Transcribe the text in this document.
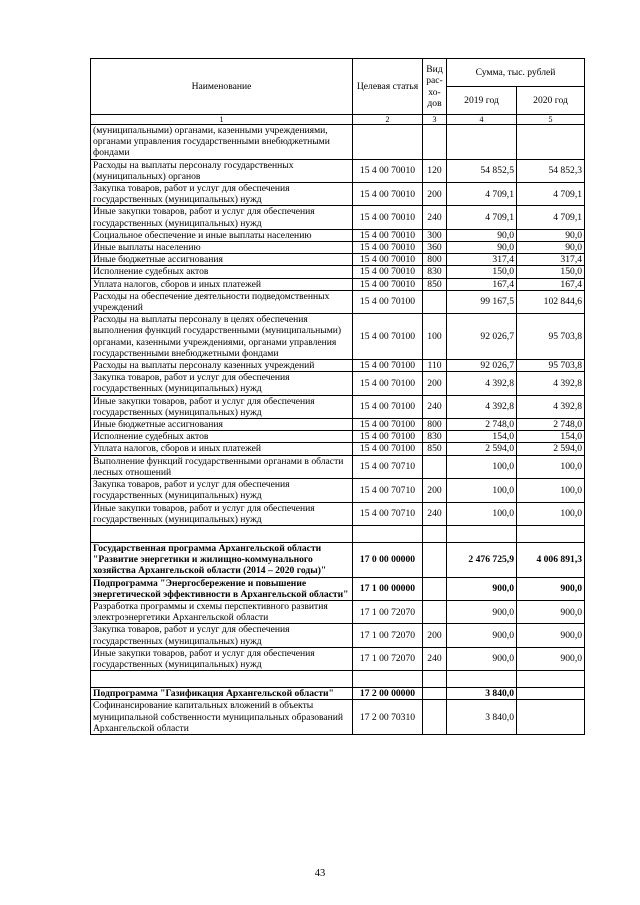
Наименование	Целевая статья	Вид рас-хо-дов	Сумма, тыс. рублей	
			2019 год	2020 год
1	2	3	4	5
(муниципальными) органами, казенными учреждениями, органами управления государственными внебюджетными фондами				
Расходы на выплаты персоналу государственных (муниципальных) органов	15 4 00 70010	120	54 852,5	54 852,3
Закупка товаров, работ и услуг для обеспечения государственных (муниципальных) нужд	15 4 00 70010	200	4 709,1	4 709,1
Иные закупки товаров, работ и услуг для обеспечения государственных (муниципальных) нужд	15 4 00 70010	240	4 709,1	4 709,1
Социальное обеспечение и иные выплаты населению	15 4 00 70010	300	90,0	90,0
Иные выплаты населению	15 4 00 70010	360	90,0	90,0
Иные бюджетные ассигнования	15 4 00 70010	800	317,4	317,4
Исполнение судебных актов	15 4 00 70010	830	150,0	150,0
Уплата налогов, сборов и иных платежей	15 4 00 70010	850	167,4	167,4
Расходы на обеспечение деятельности подведомственных учреждений	15 4 00 70100		99 167,5	102 844,6
Расходы на выплаты персоналу в целях обеспечения выполнения функций государственными (муниципальными) органами, казенными учреждениями, органами управления государственными внебюджетными фондами	15 4 00 70100	100	92 026,7	95 703,8
Расходы на выплаты персоналу казенных учреждений	15 4 00 70100	110	92 026,7	95 703,8
Закупка товаров, работ и услуг для обеспечения государственных (муниципальных) нужд	15 4 00 70100	200	4 392,8	4 392,8
Иные закупки товаров, работ и услуг для обеспечения государственных (муниципальных) нужд	15 4 00 70100	240	4 392,8	4 392,8
Иные бюджетные ассигнования	15 4 00 70100	800	2 748,0	2 748,0
Исполнение судебных актов	15 4 00 70100	830	154,0	154,0
Уплата налогов, сборов и иных платежей	15 4 00 70100	850	2 594,0	2 594,0
Выполнение функций государственными органами в области лесных отношений	15 4 00 70710		100,0	100,0
Закупка товаров, работ и услуг для обеспечения государственных (муниципальных) нужд	15 4 00 70710	200	100,0	100,0
Иные закупки товаров, работ и услуг для обеспечения государственных (муниципальных) нужд	15 4 00 70710	240	100,0	100,0

Государственная программа Архангельской области "Развитие энергетики и жилищно-коммунального хозяйства Архангельской области (2014 – 2020 годы)"	17 0 00 00000		2 476 725,9	4 006 891,3
Подпрограмма "Энергосбережение и повышение энергетической эффективности в Архангельской области"	17 1 00 00000		900,0	900,0
Разработка программы и схемы перспективного развития электроэнергетики Архангельской области	17 1 00 72070		900,0	900,0
Закупка товаров, работ и услуг для обеспечения государственных (муниципальных) нужд	17 1 00 72070	200	900,0	900,0
Иные закупки товаров, работ и услуг для обеспечения государственных (муниципальных) нужд	17 1 00 72070	240	900,0	900,0

Подпрограмма "Газификация Архангельской области"	17 2 00 00000		3 840,0	
Софинансирование капитальных вложений в объекты муниципальной собственности муниципальных образований Архангельской области	17 2 00 70310		3 840,0	
43
